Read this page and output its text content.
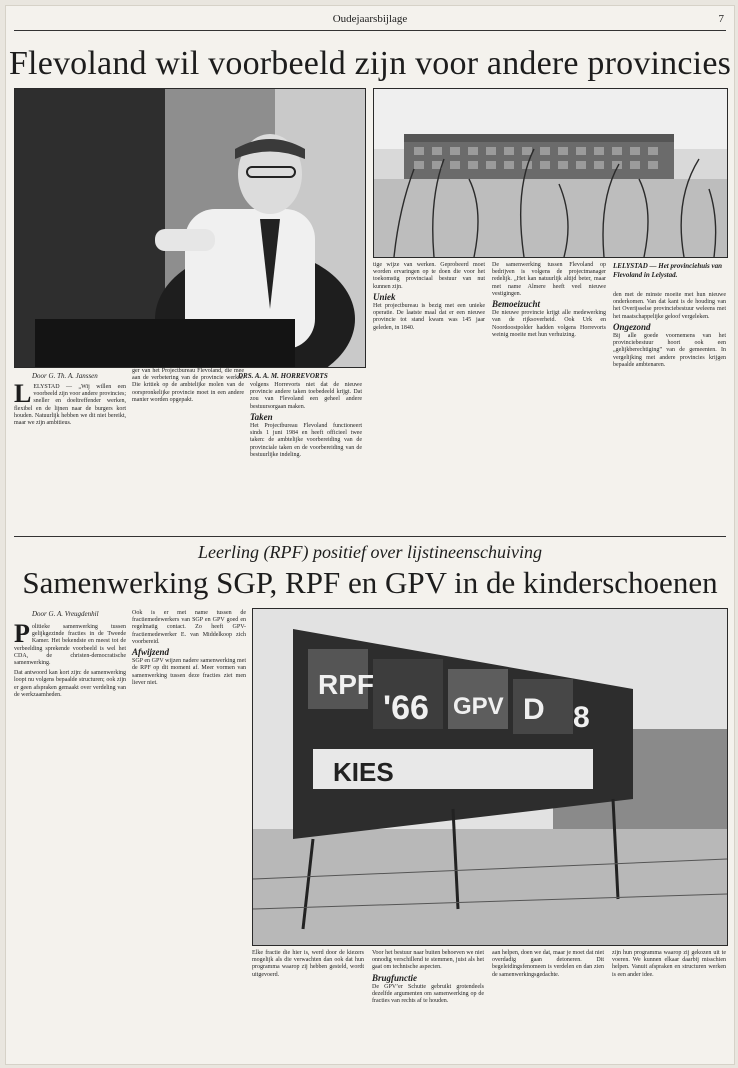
Oudejaarsbijlage	7
Flevoland wil voorbeeld zijn voor andere provincies
DRS. A. A. M. HORREVORTS
LELYSTAD — Het provinciehuis van Flevoland in Lelystad.
Door G. Th. A. Janssen

LELYSTAD — „Wij willen een voorbeeld zijn voor andere provincies; sneller en doeltreffender werken, flexibel en de lijnen naar de burgers kort houden. Natuurlijk hebben we dit niet bereikt, maar we zijn ambitieus.

ger van het Projectbureau Flevoland, die mee aan de verbetering van de provincie werkte. Die kritiek op de ambtelijke molen van de oorspronkelijke provincie moet in een andere manier worden opgepakt.

volgens Horrevorts niet dat de nieuwe provincie andere taken toebedeeld krijgt. Dat zou van Flevoland een geheel andere bestuursorgaan maken.

Taken

Het Projectbureau Flevoland functioneert sinds 1 juni 1984 en heeft officieel twee taken: de ambtelijke voorbereiding van de provinciale taken en de voorbereiding van de bestuurlijke indeling.

tige wijze van werken. Geprobeerd moet worden ervaringen op te doen die voor het toekomstig provinciaal bestuur van nut kunnen zijn.

Uniek

Het projectbureau is bezig met een unieke operatie. De laatste maal dat er een nieuwe provincie tot stand kwam was 145 jaar geleden, in 1840.

De samenwerking tussen Flevoland op bedrijven is volgens de projectmanager redelijk. „Het kan natuurlijk altijd beter, maar met name Almere heeft veel nieuwe vestigingen.

Bemoeizucht

De nieuwe provincie krijgt alle medewerking van de rijksoverheid. Ook Urk en Noordoostpolder hadden volgens Horrevorts weinig moeite met hun verhuizing.

den met de minste moeite met hun nieuwe onderkomen. Van dat kant is de houding van het Overijsselse provinciebestuur weleens met het maatschappelijke geloof vergeleken.

Ongezond

Bij alle goede voornemens van het provinciebestuur hoort ook een „gelijkberechtiging” van de gemeenten. In vergelijking met andere provincies krijgen bepaalde ambtenaren.

Leerling (RPF) positief over lijstineenschuiving
Samenwerking SGP, RPF en GPV in de kinderschoenen
RPF
'66 GPV
KIES
D 8
Door G. A. Vreugdenhil

Politieke samenwerking tussen gelijkgezinde fracties in de Tweede Kamer. Het bekendste en meest tot de verbeelding sprekende voorbeeld is wel het CDA, de christen-democratische samenwerking.

Dat antwoord kan kort zijn: de samenwerking loopt nu volgens bepaalde structuren; ook zijn er geen afspraken gemaakt over verdeling van de werkzaamheden.

Ook is er met name tussen de fractiemedewerkers van SGP en GPV goed en regelmatig contact. Zo heeft GPV-fractiemedewerker E. van Middelkoop zich voorbereid.

Afwijzend

SGP en GPV wijzen nadere samenwerking met de RPF op dit moment af. Meer vormen van samenwerking tussen deze fracties ziet men liever niet.

Elke fractie die hier is, werd door de kiezers mogelijk als die verwachten dan ook dat hun programma waarop zij hebben gesteld, wordt uitgevoerd.

Voor het bestuur naar buiten behoeven we niet onnodig verschillend te stemmen, juist als het gaat om technische aspecten.

Brugfunctie

De GPV’er Schutte gebruikt grotendeels dezelfde argumenten om samenwerking op de fracties van rechts af te houden.

aan helpen, doen we dat, maar je moet dat niet overdadig gaan detoneren. Dit begeleidingsfenomeen is verdelen en dan zien de samenwerkingsgedachte.

zijn hun programma waarop zij gekozen uit te voeren. We kunnen elkaar daarbij misschien helpen. Vanuit afspraken en structuren werken is een ander idee.
